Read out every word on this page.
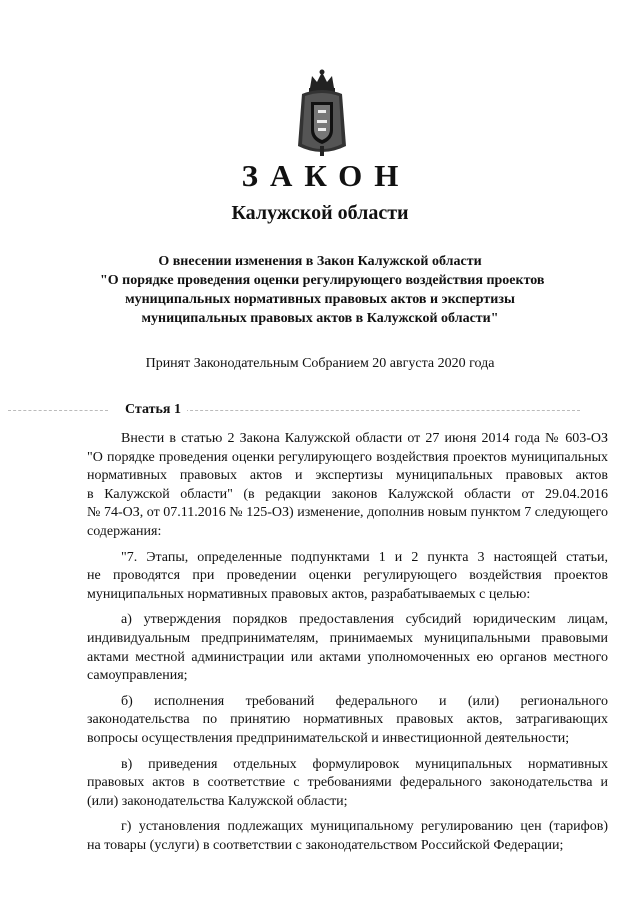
ЗАКОН
Калужской области
О внесении изменения в Закон Калужской области
"О порядке проведения оценки регулирующего воздействия проектов
муниципальных нормативных правовых актов и экспертизы
муниципальных правовых актов в Калужской области"
Принят Законодательным Собранием 20 августа 2020 года
Статья 1
Внести в статью 2 Закона Калужской области от 27 июня 2014 года № 603-ОЗ
"О порядке проведения оценки регулирующего воздействия проектов муниципальных
нормативных правовых актов и экспертизы муниципальных правовых актов
в Калужской области" (в редакции законов Калужской области от 29.04.2016
№ 74-ОЗ, от 07.11.2016 № 125-ОЗ) изменение, дополнив новым пунктом 7 следующего
содержания:
"7. Этапы, определенные подпунктами 1 и 2 пункта 3 настоящей статьи,
не проводятся при проведении оценки регулирующего воздействия проектов
муниципальных нормативных правовых актов, разрабатываемых с целью:
а) утверждения порядков предоставления субсидий юридическим лицам,
индивидуальным предпринимателям, принимаемых муниципальными правовыми
актами местной администрации или актами уполномоченных ею органов местного
самоуправления;
б) исполнения требований федерального и (или) регионального
законодательства по принятию нормативных правовых актов, затрагивающих
вопросы осуществления предпринимательской и инвестиционной деятельности;
в) приведения отдельных формулировок муниципальных нормативных
правовых актов в соответствие с требованиями федерального законодательства и
(или) законодательства Калужской области;
г) установления подлежащих муниципальному регулированию цен (тарифов)
на товары (услуги) в соответствии с законодательством Российской Федерации;
